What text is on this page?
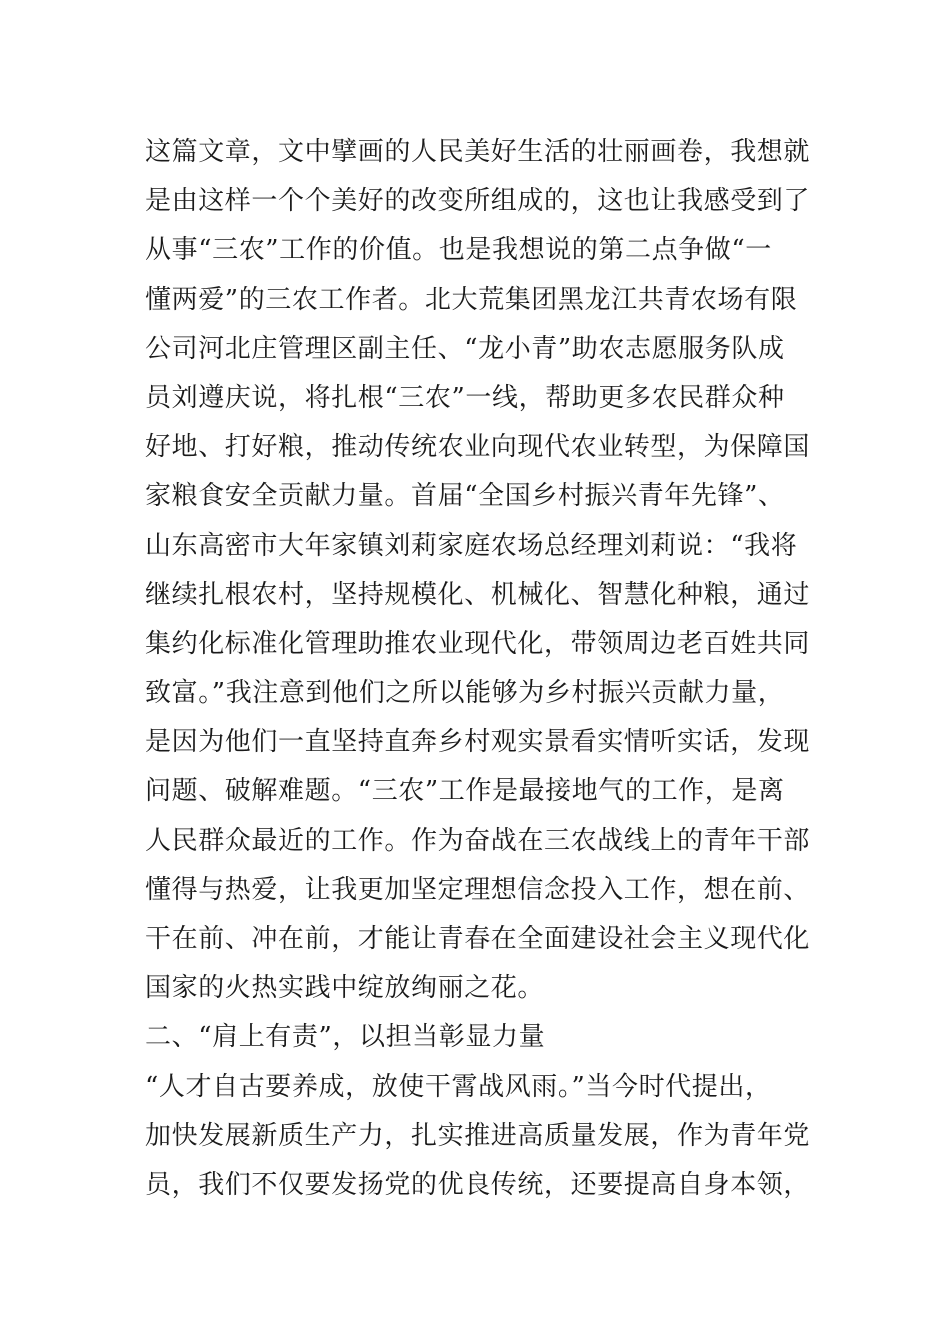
这篇文章，文中擘画的人民美好生活的壮丽画卷，我想就
是由这样一个个美好的改变所组成的，这也让我感受到了
从事“三农”工作的价值。也是我想说的第二点争做“一
懂两爱”的三农工作者。北大荒集团黑龙江共青农场有限
公司河北庄管理区副主任、“龙小青”助农志愿服务队成
员刘遵庆说，将扎根“三农”一线，帮助更多农民群众种
好地、打好粮，推动传统农业向现代农业转型，为保障国
家粮食安全贡献力量。首届“全国乡村振兴青年先锋”、
山东高密市大年家镇刘莉家庭农场总经理刘莉说：“我将
继续扎根农村，坚持规模化、机械化、智慧化种粮，通过
集约化标准化管理助推农业现代化，带领周边老百姓共同
致富。”我注意到他们之所以能够为乡村振兴贡献力量，
是因为他们一直坚持直奔乡村观实景看实情听实话，发现
问题、破解难题。“三农”工作是最接地气的工作，是离
人民群众最近的工作。作为奋战在三农战线上的青年干部
懂得与热爱，让我更加坚定理想信念投入工作，想在前、
干在前、冲在前，才能让青春在全面建设社会主义现代化
国家的火热实践中绽放绚丽之花。
二、“肩上有责”，以担当彰显力量
“人才自古要养成，放使干霄战风雨。”当今时代提出，
加快发展新质生产力，扎实推进高质量发展，作为青年党
员，我们不仅要发扬党的优良传统，还要提高自身本领，
